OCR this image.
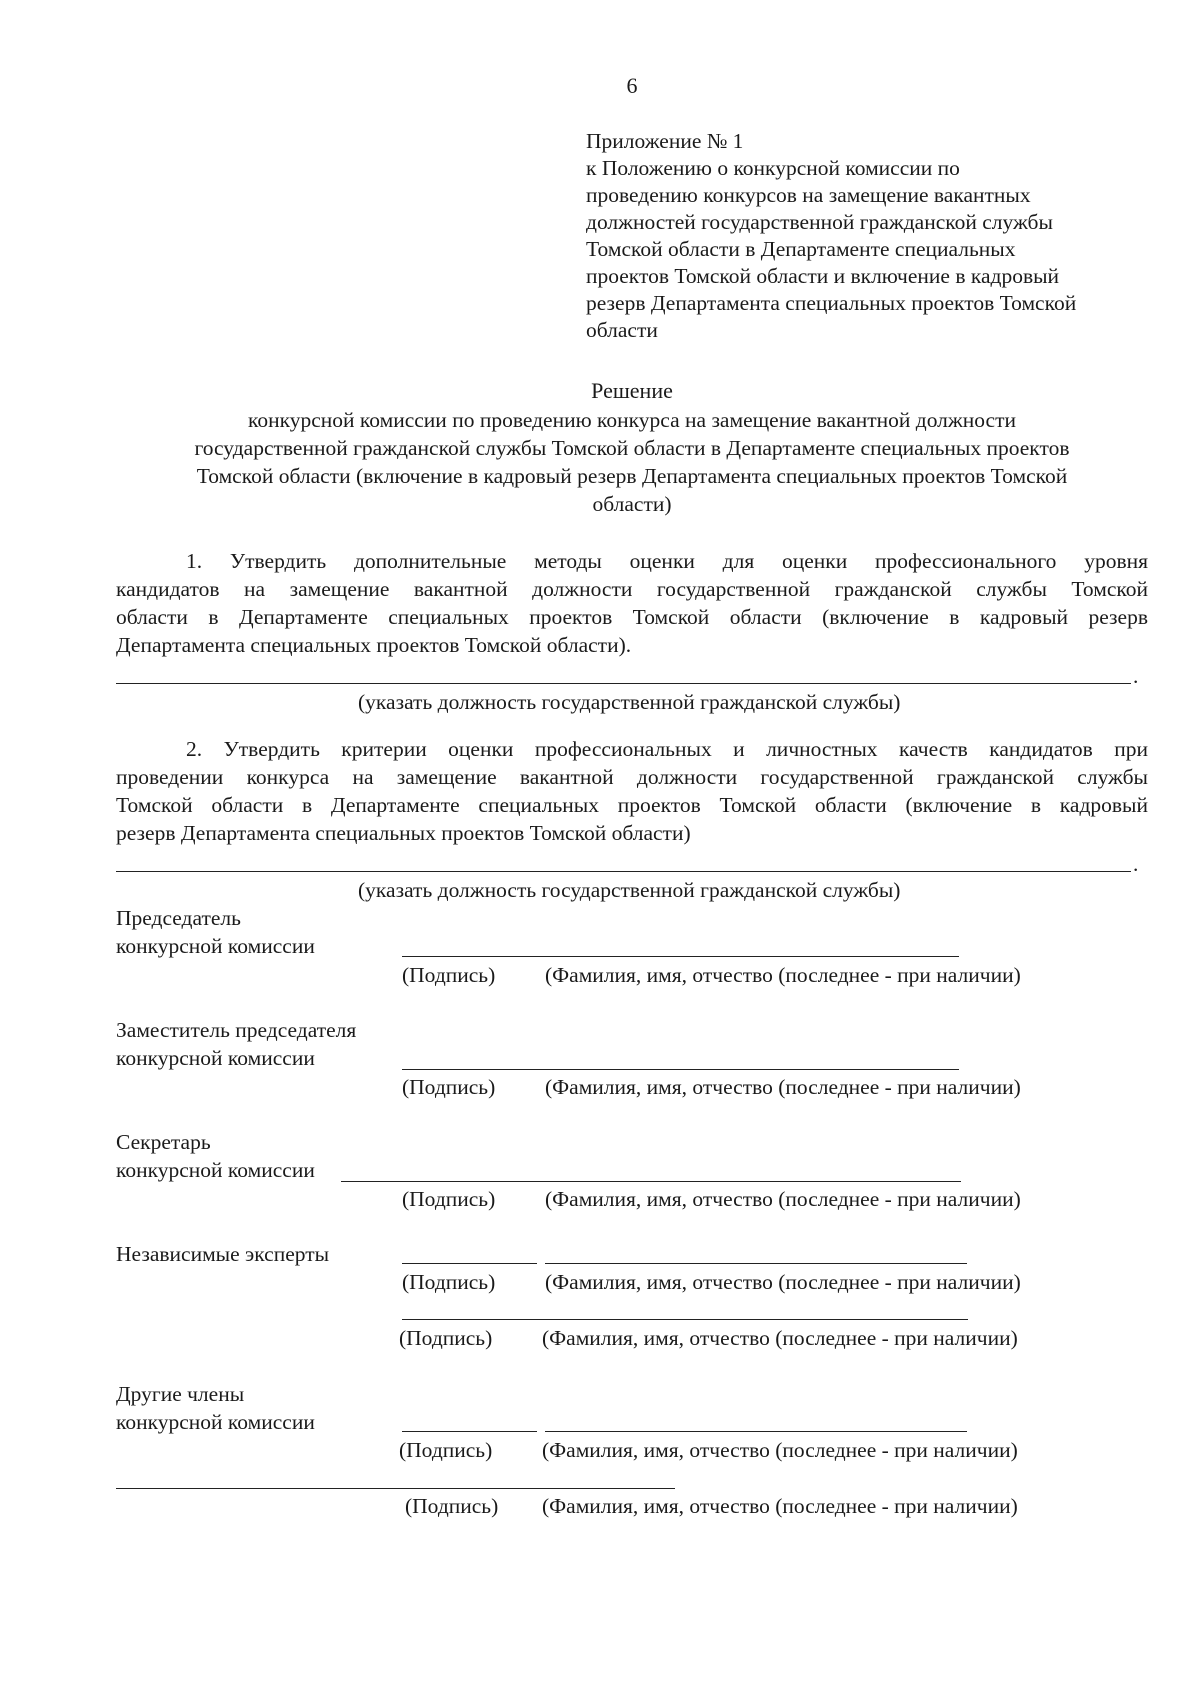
6
Приложение № 1
к Положению о конкурсной комиссии по
проведению конкурсов на замещение вакантных
должностей государственной гражданской службы
Томской области в Департаменте специальных
проектов Томской области и включение в кадровый
резерв Департамента специальных проектов Томской
области
Решение
конкурсной комиссии по проведению конкурса на замещение вакантной должности
государственной гражданской службы Томской области в Департаменте специальных проектов
Томской области (включение в кадровый резерв Департамента специальных проектов Томской
области)
1. Утвердить дополнительные методы оценки для оценки профессионального уровня
кандидатов на замещение вакантной должности государственной гражданской службы Томской
области в Департаменте специальных проектов Томской области (включение в кадровый резерв
Департамента специальных проектов Томской области).
.
(указать должность государственной гражданской службы)
2. Утвердить критерии оценки профессиональных и личностных качеств кандидатов при
проведении конкурса на замещение вакантной должности государственной гражданской службы
Томской области в Департаменте специальных проектов Томской области (включение в кадровый
резерв Департамента специальных проектов Томской области)
.
(указать должность государственной гражданской службы)
Председатель
конкурсной комиссии
(Подпись) (Фамилия, имя, отчество (последнее - при наличии)
Заместитель председателя
конкурсной комиссии
(Подпись) (Фамилия, имя, отчество (последнее - при наличии)
Секретарь
конкурсной комиссии
(Подпись) (Фамилия, имя, отчество (последнее - при наличии)
Независимые эксперты
(Подпись) (Фамилия, имя, отчество (последнее - при наличии)
(Подпись) (Фамилия, имя, отчество (последнее - при наличии)
Другие члены
конкурсной комиссии
(Подпись) (Фамилия, имя, отчество (последнее - при наличии)
(Подпись) (Фамилия, имя, отчество (последнее - при наличии)
